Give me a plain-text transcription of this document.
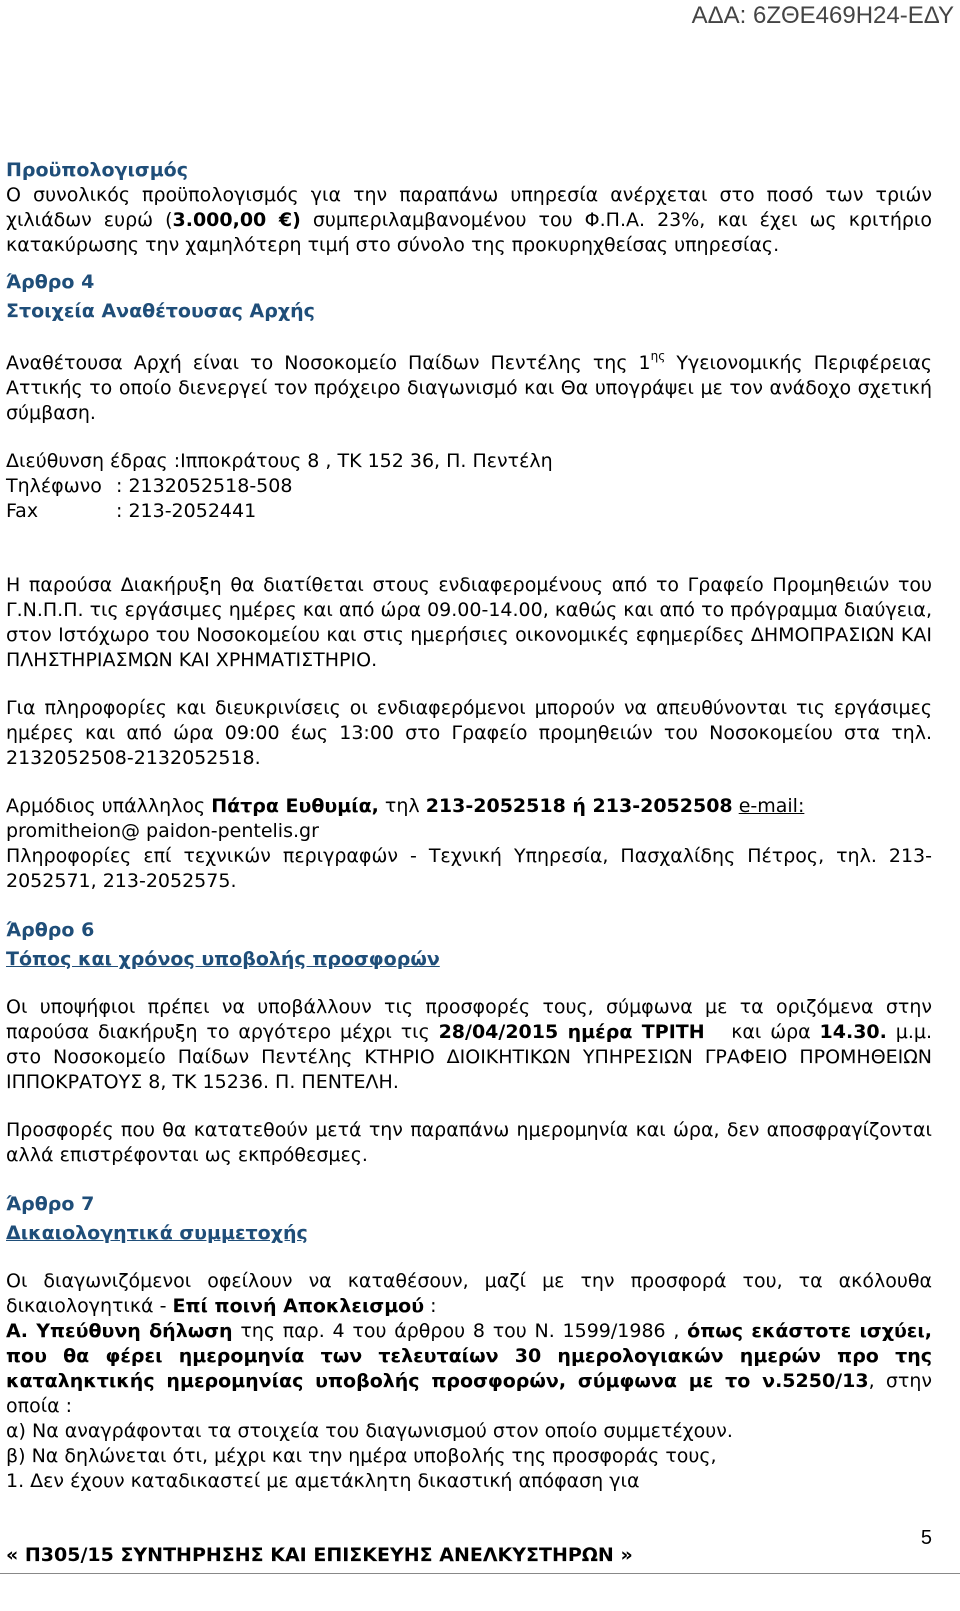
ΑΔΑ: 6ΖΘΕ469Η24-ΕΔΥ

Προϋπολογισμός

Ο συνολικός προϋπολογισμός για την παραπάνω υπηρεσία ανέρχεται στο ποσό των τριών χιλιάδων ευρώ (3.000,00 €) συμπεριλαμβανομένου του Φ.Π.Α. 23%, και έχει ως κριτήριο κατακύρωσης την χαμηλότερη τιμή στο σύνολο της προκυρηχθείσας υπηρεσίας.

Άρθρο 4

Στοιχεία Αναθέτουσας Αρχής

Αναθέτουσα Αρχή είναι το Νοσοκομείο Παίδων Πεντέλης της $1^{\eta\varsigma}$ Υγειονομικής Περιφέρειας Αττικής το οποίο διενεργεί τον πρόχειρο διαγωνισμό και Θα υπογράψει με τον ανάδοχο σχετική σύμβαση.

Διεύθυνση έδρας :Ιπποκράτους 8 , ΤΚ 152 36, Π. Πεντέλη

Τηλέφωνο : 2132052518-508

Fax	: 213-2052441

Η παρούσα Διακήρυξη θα διατίθεται στους ενδιαφερομένους από το Γραφείο Προμηθειών του Γ.Ν.Π.Π. τις εργάσιμες ημέρες και από ώρα 09.00-14.00, καθώς και από το πρόγραμμα διαύγεια, στον Ιστόχωρο του Νοσοκομείου και στις ημερήσιες οικονομικές εφημερίδες ΔΗΜΟΠΡΑΣΙΩΝ ΚΑΙ ΠΛΗΣΤΗΡΙΑΣΜΩΝ ΚΑΙ ΧΡΗΜΑΤΙΣΤΗΡΙΟ.

Για πληροφορίες και διευκρινίσεις οι ενδιαφερόμενοι μπορούν να απευθύνονται τις εργάσιμες ημέρες και από ώρα 09:00 έως 13:00 στο Γραφείο προμηθειών του Νοσοκομείου στα τηλ. 2132052508-2132052518.

Αρμόδιος υπάλληλος Πάτρα Ευθυμία, τηλ 213-2052518 ή 213-2052508 e-mail:
promitheion@ paidon-pentelis.gr

Πληροφορίες επί τεχνικών περιγραφών - Τεχνική Υπηρεσία, Πασχαλίδης Πέτρος, τηλ. 213-2052571, 213-2052575.

Άρθρο 6

Τόπος και χρόνος υποβολής προσφορών

Οι υποψήφιοι πρέπει να υποβάλλουν τις προσφορές τους, σύμφωνα με τα οριζόμενα στην παρούσα διακήρυξη το αργότερο μέχρι τις 28/04/2015 ημέρα ΤΡΙΤΗ   και ώρα 14.30. μ.μ. στο Νοσοκομείο Παίδων Πεντέλης ΚΤΗΡΙΟ ΔΙΟΙΚΗΤΙΚΩΝ ΥΠΗΡΕΣΙΩΝ ΓΡΑΦΕΙΟ ΠΡΟΜΗΘΕΙΩΝ ΙΠΠΟΚΡΑΤΟΥΣ 8, ΤΚ 15236. Π. ΠΕΝΤΕΛΗ.

Προσφορές που θα κατατεθούν μετά την παραπάνω ημερομηνία και ώρα, δεν αποσφραγίζονται αλλά επιστρέφονται ως εκπρόθεσμες.

Άρθρο 7

Δικαιολογητικά συμμετοχής

Οι διαγωνιζόμενοι οφείλουν να καταθέσουν, μαζί με την προσφορά του, τα ακόλουθα δικαιολογητικά - Επί ποινή Αποκλεισμού :

Α. Υπεύθυνη δήλωση της παρ. 4 του άρθρου 8 του Ν. 1599/1986 , όπως εκάστοτε ισχύει, που θα φέρει ημερομηνία των τελευταίων 30 ημερολογιακών ημερών προ της καταληκτικής ημερομηνίας υποβολής προσφορών, σύμφωνα με το ν.5250/13, στην οποία :

α) Να αναγράφονται τα στοιχεία του διαγωνισμού στον οποίο συμμετέχουν.

β) Να δηλώνεται ότι, μέχρι και την ημέρα υποβολής της προσφοράς τους,

1. Δεν έχουν καταδικαστεί με αμετάκλητη δικαστική απόφαση για

5
« Π305/15 ΣΥΝΤΗΡΗΣΗΣ ΚΑΙ ΕΠΙΣΚΕΥΗΣ ΑΝΕΛΚΥΣΤΗΡΩΝ »
